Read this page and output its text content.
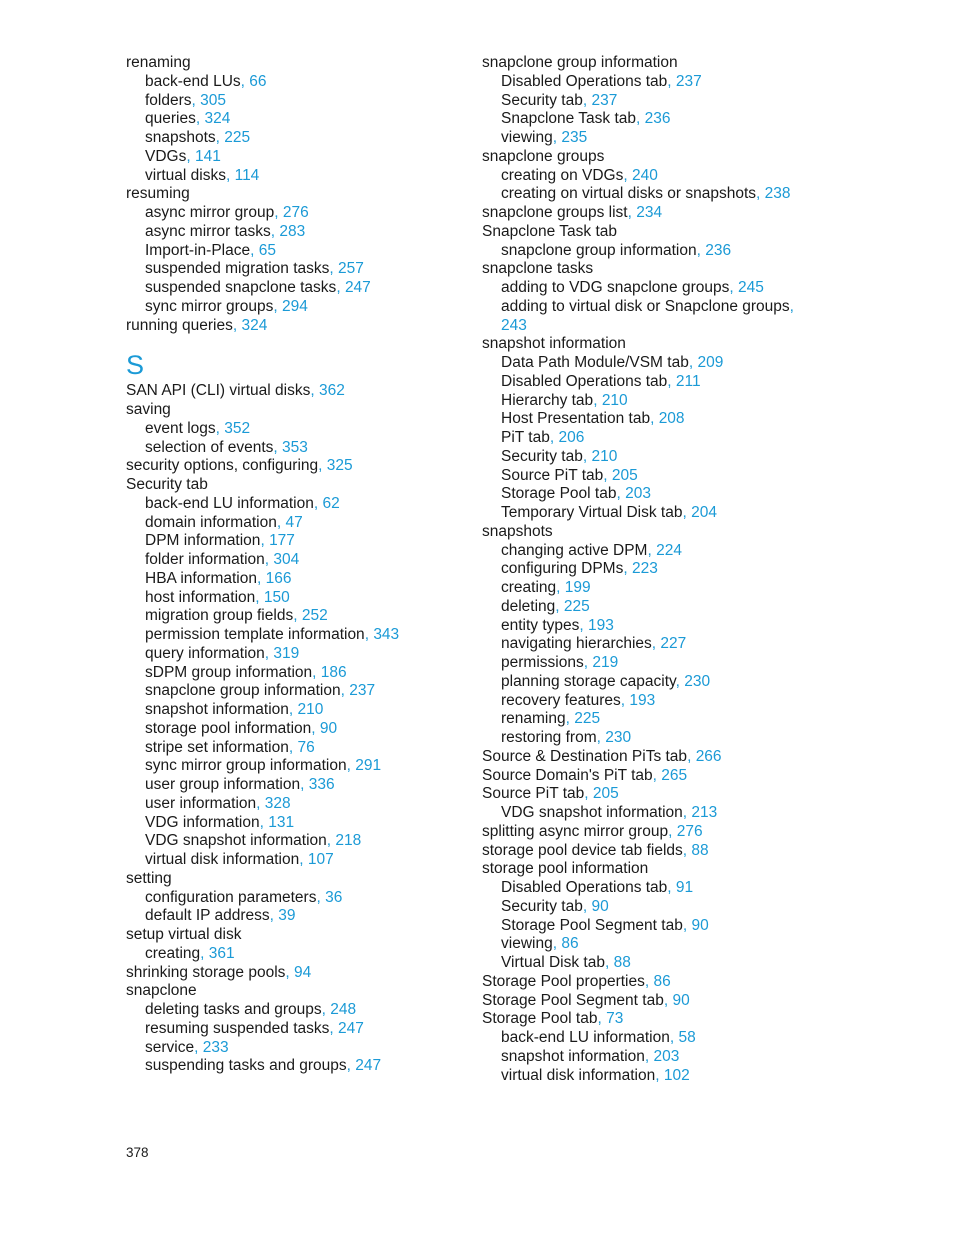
renaming
back-end LUs, 66
folders, 305
queries, 324
snapshots, 225
VDGs, 141
virtual disks, 114
resuming
async mirror group, 276
async mirror tasks, 283
Import-in-Place, 65
suspended migration tasks, 257
suspended snapclone tasks, 247
sync mirror groups, 294
running queries, 324
S
SAN API (CLI) virtual disks, 362
saving
event logs, 352
selection of events, 353
security options, configuring, 325
Security tab
back-end LU information, 62
domain information, 47
DPM information, 177
folder information, 304
HBA information, 166
host information, 150
migration group fields, 252
permission template information, 343
query information, 319
sDPM group information, 186
snapclone group information, 237
snapshot information, 210
storage pool information, 90
stripe set information, 76
sync mirror group information, 291
user group information, 336
user information, 328
VDG information, 131
VDG snapshot information, 218
virtual disk information, 107
setting
configuration parameters, 36
default IP address, 39
setup virtual disk
creating, 361
shrinking storage pools, 94
snapclone
deleting tasks and groups, 248
resuming suspended tasks, 247
service, 233
suspending tasks and groups, 247
snapclone group information
Disabled Operations tab, 237
Security tab, 237
Snapclone Task tab, 236
viewing, 235
snapclone groups
creating on VDGs, 240
creating on virtual disks or snapshots, 238
snapclone groups list, 234
Snapclone Task tab
snapclone group information, 236
snapclone tasks
adding to VDG snapclone groups, 245
adding to virtual disk or Snapclone groups,
243
snapshot information
Data Path Module/VSM tab, 209
Disabled Operations tab, 211
Hierarchy tab, 210
Host Presentation tab, 208
PiT tab, 206
Security tab, 210
Source PiT tab, 205
Storage Pool tab, 203
Temporary Virtual Disk tab, 204
snapshots
changing active DPM, 224
configuring DPMs, 223
creating, 199
deleting, 225
entity types, 193
navigating hierarchies, 227
permissions, 219
planning storage capacity, 230
recovery features, 193
renaming, 225
restoring from, 230
Source & Destination PiTs tab, 266
Source Domain's PiT tab, 265
Source PiT tab, 205
VDG snapshot information, 213
splitting async mirror group, 276
storage pool device tab fields, 88
storage pool information
Disabled Operations tab, 91
Security tab, 90
Storage Pool Segment tab, 90
viewing, 86
Virtual Disk tab, 88
Storage Pool properties, 86
Storage Pool Segment tab, 90
Storage Pool tab, 73
back-end LU information, 58
snapshot information, 203
virtual disk information, 102
378
